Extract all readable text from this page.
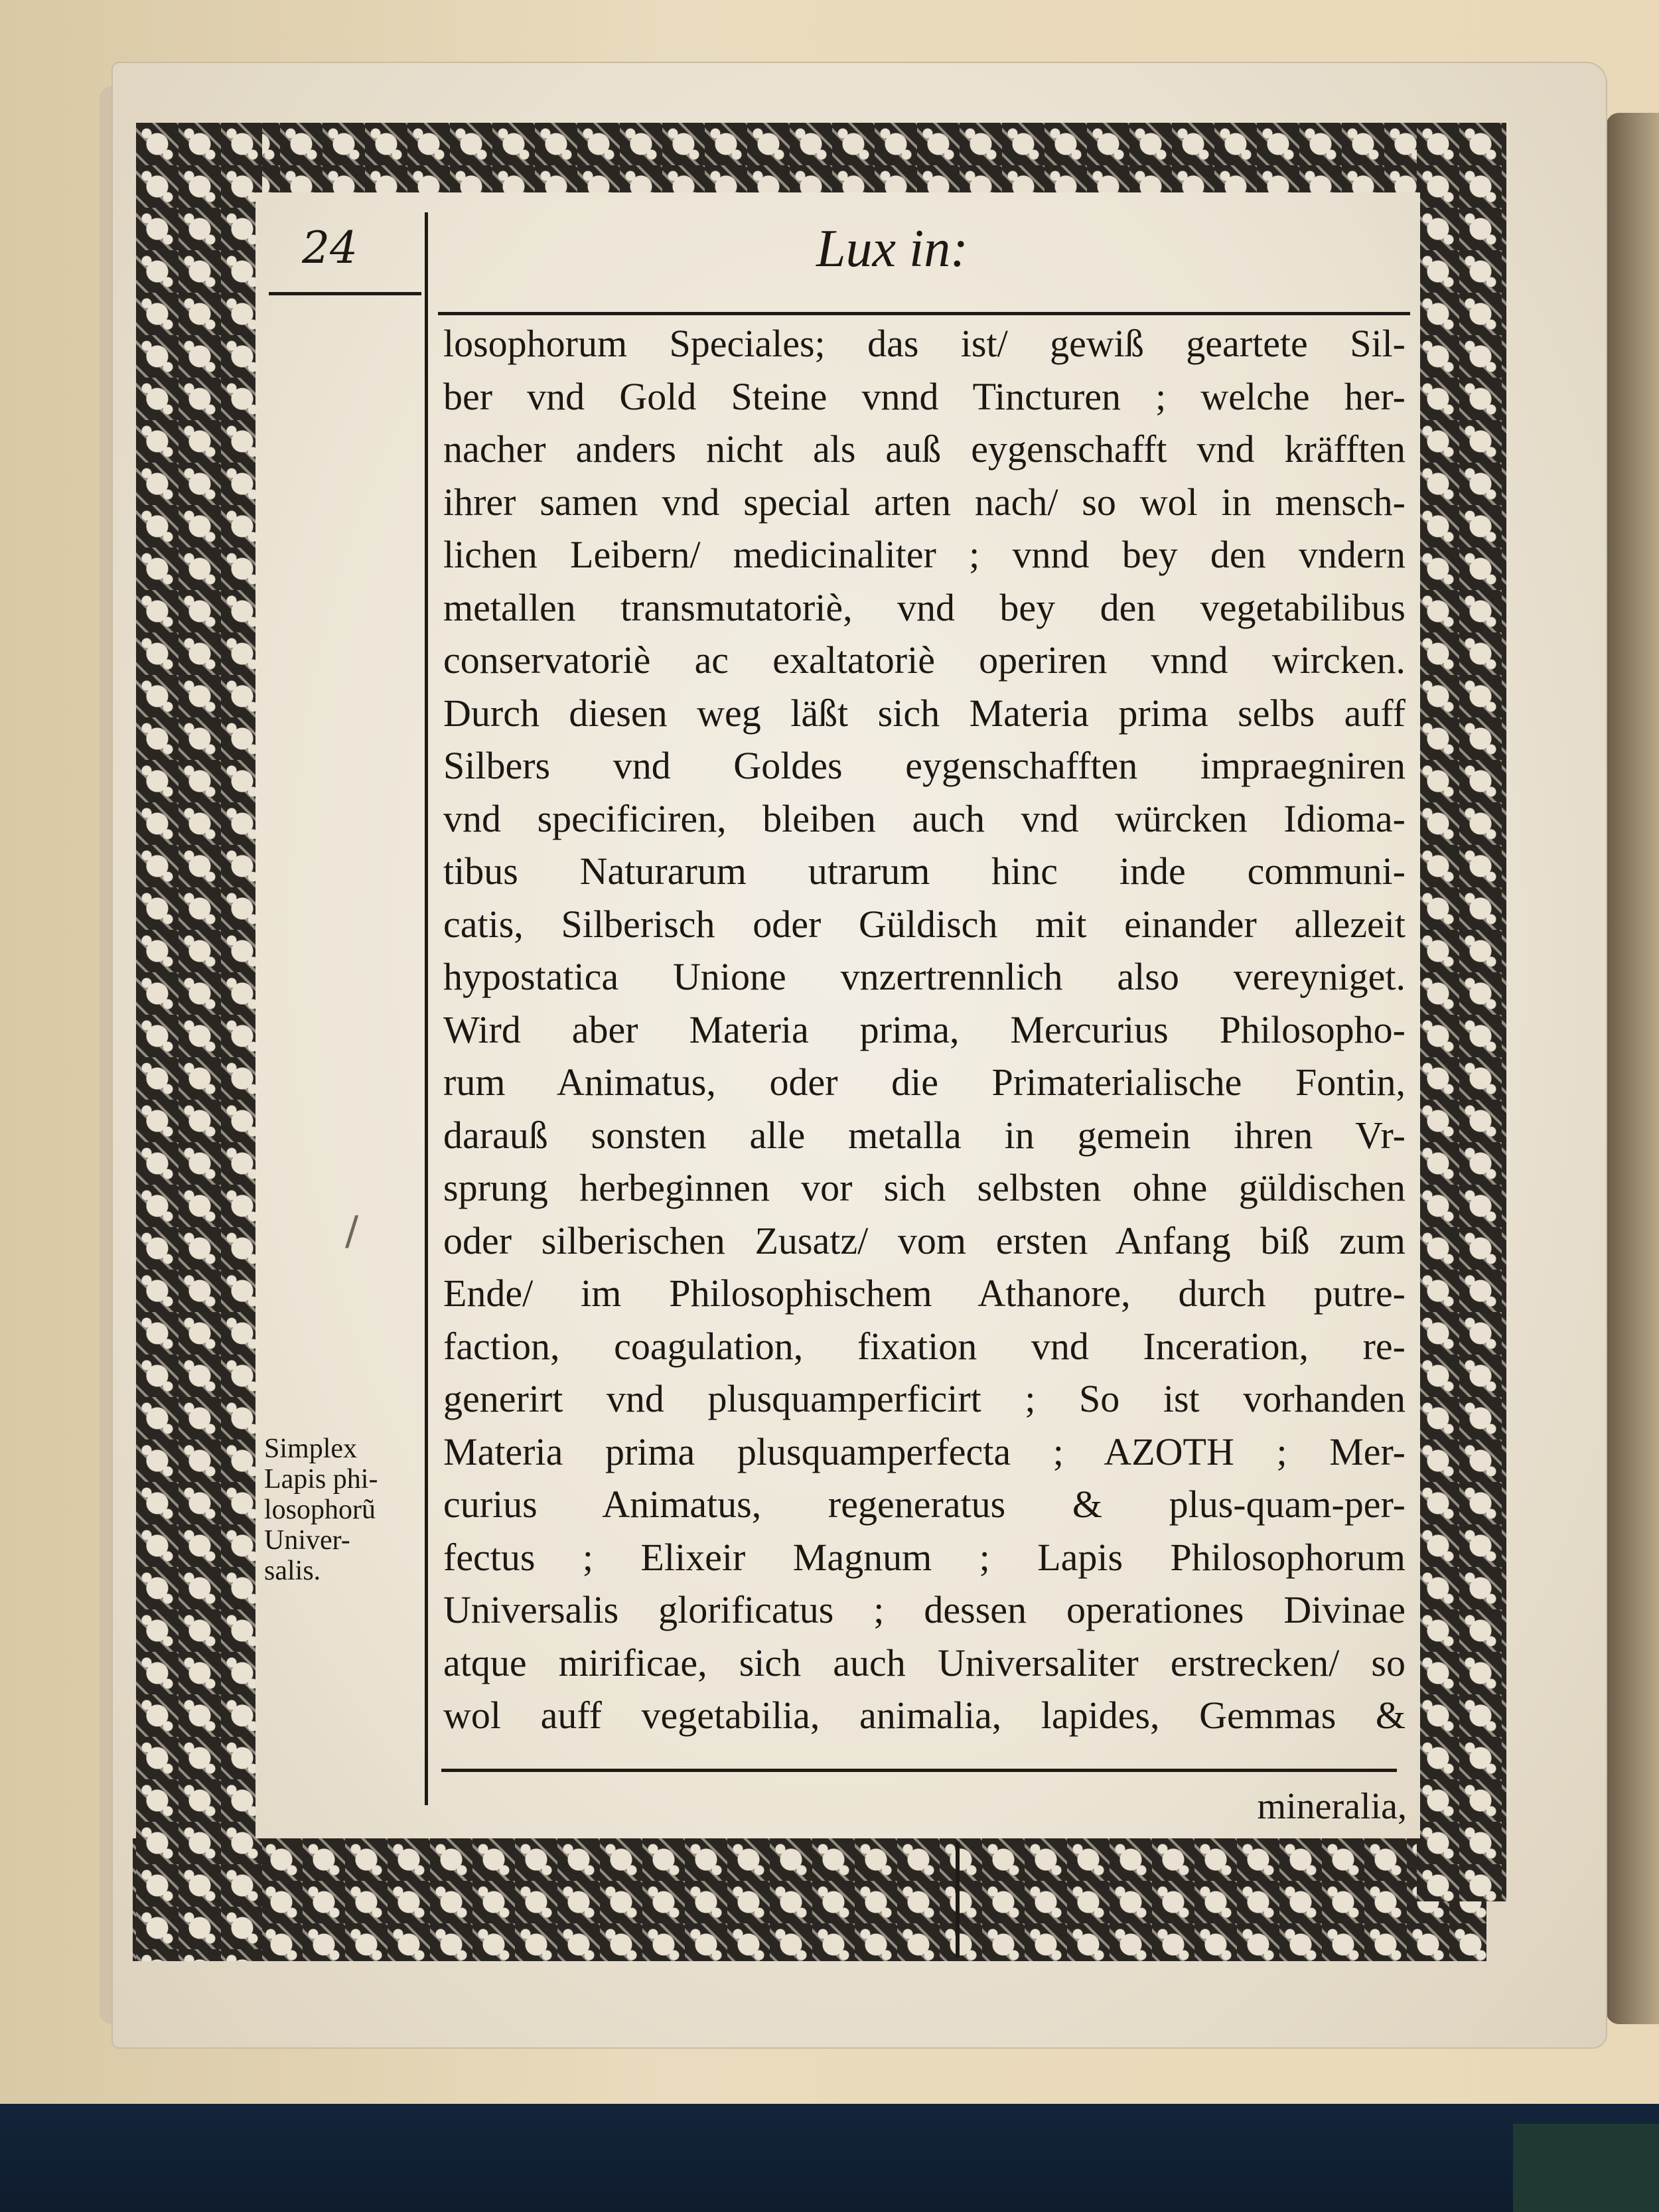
24	Lux in:
losophorum Speciales; das ist/ gewiß geartete Sil-
ber vnd Gold Steine vnnd Tincturen ; welche her-
nacher anders nicht als auß eygenschafft vnd kräfften
ihrer samen vnd special arten nach/ so wol in mensch-
lichen Leibern/ medicinaliter ; vnnd bey den vndern
metallen transmutatoriè, vnd bey den vegetabilibus
conservatoriè ac exaltatoriè operiren vnnd wircken.
Durch diesen weg läßt sich Materia prima selbs auff
Silbers vnd Goldes eygenschafften impraegniren
vnd specificiren, bleiben auch vnd würcken Idioma-
tibus Naturarum utrarum hinc inde communi-
catis, Silberisch oder Güldisch mit einander allezeit
hypostatica Unione vnzertrennlich also vereyniget.
Wird aber Materia prima, Mercurius Philosopho-
rum Animatus, oder die Primaterialische Fontin,
darauß sonsten alle metalla in gemein ihren Vr-
sprung herbeginnen vor sich selbsten ohne güldischen
oder silberischen Zusatz/ vom ersten Anfang biß zum
Ende/ im Philosophischem Athanore, durch putre-
faction, coagulation, fixation vnd Inceration, re-
generirt vnd plusquamperficirt ; So ist vorhanden
Materia prima plusquamperfecta ; AZOTH ; Mer-
curius Animatus, regeneratus & plus-quam-per-
fectus ; Elixeir Magnum ; Lapis Philosophorum
Universalis glorificatus ; dessen operationes Divinae
atque mirificae, sich auch Universaliter erstrecken/ so
wol auff vegetabilia, animalia, lapides, Gemmas &
mineralia,
Simplex
Lapis phi-
losophorũ
Univer-
salis.
/
